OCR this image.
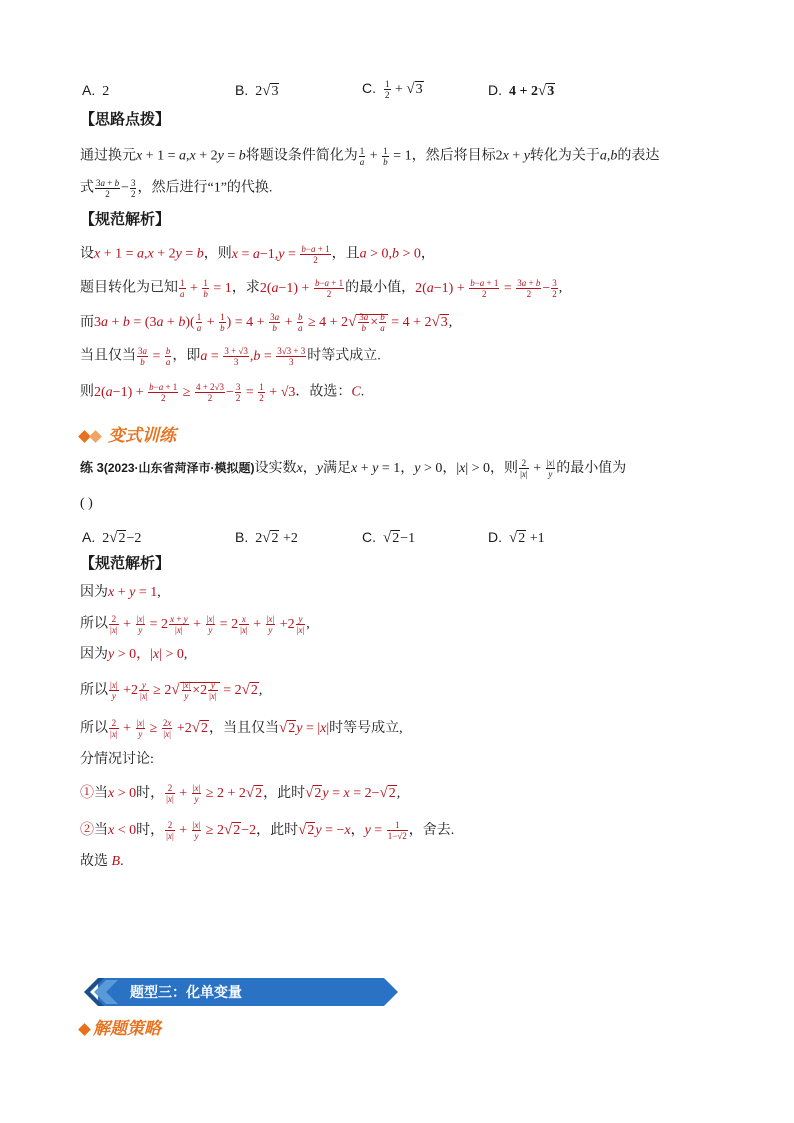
A.  2	B.  2√3	C. $\frac{1}{2} + √3$	D.  4 + 2√3
【思路点拨】
通过换元x + 1 = a,x + 2y = b将题设条件简化为 $\frac{1}{a} + \frac{1}{b} = 1$，然后将目标2x + y转化为关于a,b的表达
式 $\frac{3a + b}{2} - \frac{3}{2}$ ，然后进行“1”的代换.
【规范解析】
设x + 1 = a,x + 2y = b，则$x = a-1,y = \frac{b-a + 1}{2}$ ，且a > 0,b > 0，
题目转化为已知 $\frac{1}{a} + \frac{1}{b} = 1$，求$2(a-1) + \frac{b-a + 1}{2}$ 的最小值，$2(a-1) + \frac{b-a + 1}{2} = \frac{3a + b}{2} - \frac{3}{2}$ ,
而$3a + b = (3a + b)( \frac{1}{a} + \frac{1}{b}$ ) = $4 + \frac{3a}{b} + \frac{b}{a} \ge 4 + 2√ \frac{3a}{b} \times \frac{b}{a} = 4 + 2√3$,
当且仅当 $\frac{3a}{b} = \frac{b}{a}$ ，即$a = \frac{3 + √3}{3} ,b = \frac{3√3 + 3}{3}$ 时等式成立.
则$2(a-1) + \frac{b-a + 1}{2} \ge \frac{4 + 2√3}{2} - \frac{3}{2} = \frac{1}{2} + √3$．故选：C.
变式训练
练 3(2023·山东省菏泽市·模拟题)设实数x，y满足x + y = 1，y > 0，|x| > 0，则 $\frac{2}{|x|} + \frac{|x|}{y}$ 的最小值为
( )
A.  2√2−2	B.  2√2 +2	C. √2−1	D. √2 +1
【规范解析】
因为x + y = 1,
所以 $\frac{2}{|x|} + \frac{|x|}{y} = 2 \frac{x + y}{|x|} + \frac{|x|}{y} = 2 \frac{x}{|x|} + \frac{|x|}{y} +2 \frac{y}{|x|}$ ,
因为y > 0，|x| > 0,
所以 $\frac{|x|}{y} +2 \frac{y}{|x|} \ge 2√ \frac{|x|}{y} \times 2 \frac{y}{|x|} = 2√2$,
所以 $\frac{2}{|x|} + \frac{|x|}{y} \ge \frac{2x}{|x|} +2√2$，当且仅当√2y = |x|时等号成立,
分情况讨论:
①当x > 0时， $\frac{2}{|x|} + \frac{|x|}{y} \ge 2 + 2√2$，此时√2y = x = 2−√2,
②当x < 0时， $\frac{2}{|x|} + \frac{|x|}{y} \ge 2√2-2$，此时√2y = −x，$y = \frac{1}{1-√2}$ ，舍去.
故选 B.
题型三：化单变量
解题策略
